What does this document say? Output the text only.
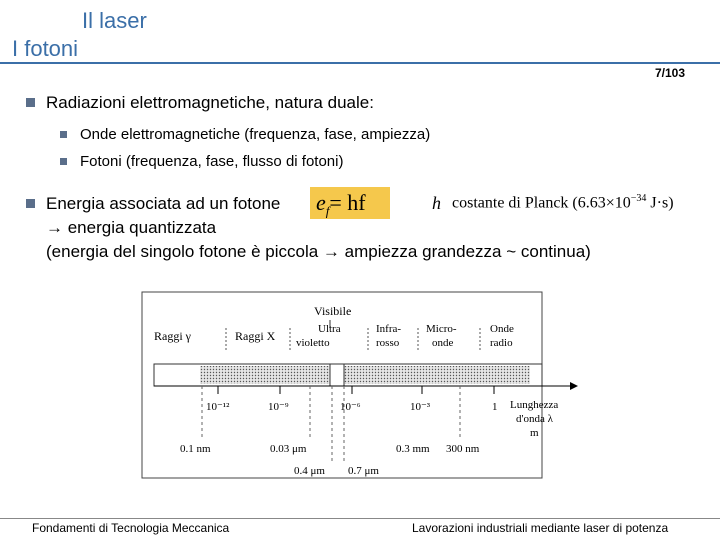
Il laser
I fotoni
7/103
Radiazioni elettromagnetiche, natura duale:
Onde elettromagnetiche (frequenza, fase, ampiezza)
Fotoni (frequenza, fase, flusso di fotoni)
Energia associata ad un fotone
→ energia quantizzata
(energia del singolo fotone è piccola → ampiezza grandezza ~ continua)
$e_f=$ hf	h costante di Planck ($6.63\times 10^{-34}$ J·s)
Visibile
Raggi γ	Raggi X	Ultra
violetto
Infra-
rosso
Micro-
onde
Onde
radio
10⁻¹²	10⁻⁹	10⁻⁶	10⁻³	1 Lunghezza
d'onda λ
m
0.1 nm	0.03 μm	0.3 mm 300 nm
0.4 μm 0.7 μm
Fondamenti di Tecnologia Meccanica	Lavorazioni industriali mediante laser di potenza
